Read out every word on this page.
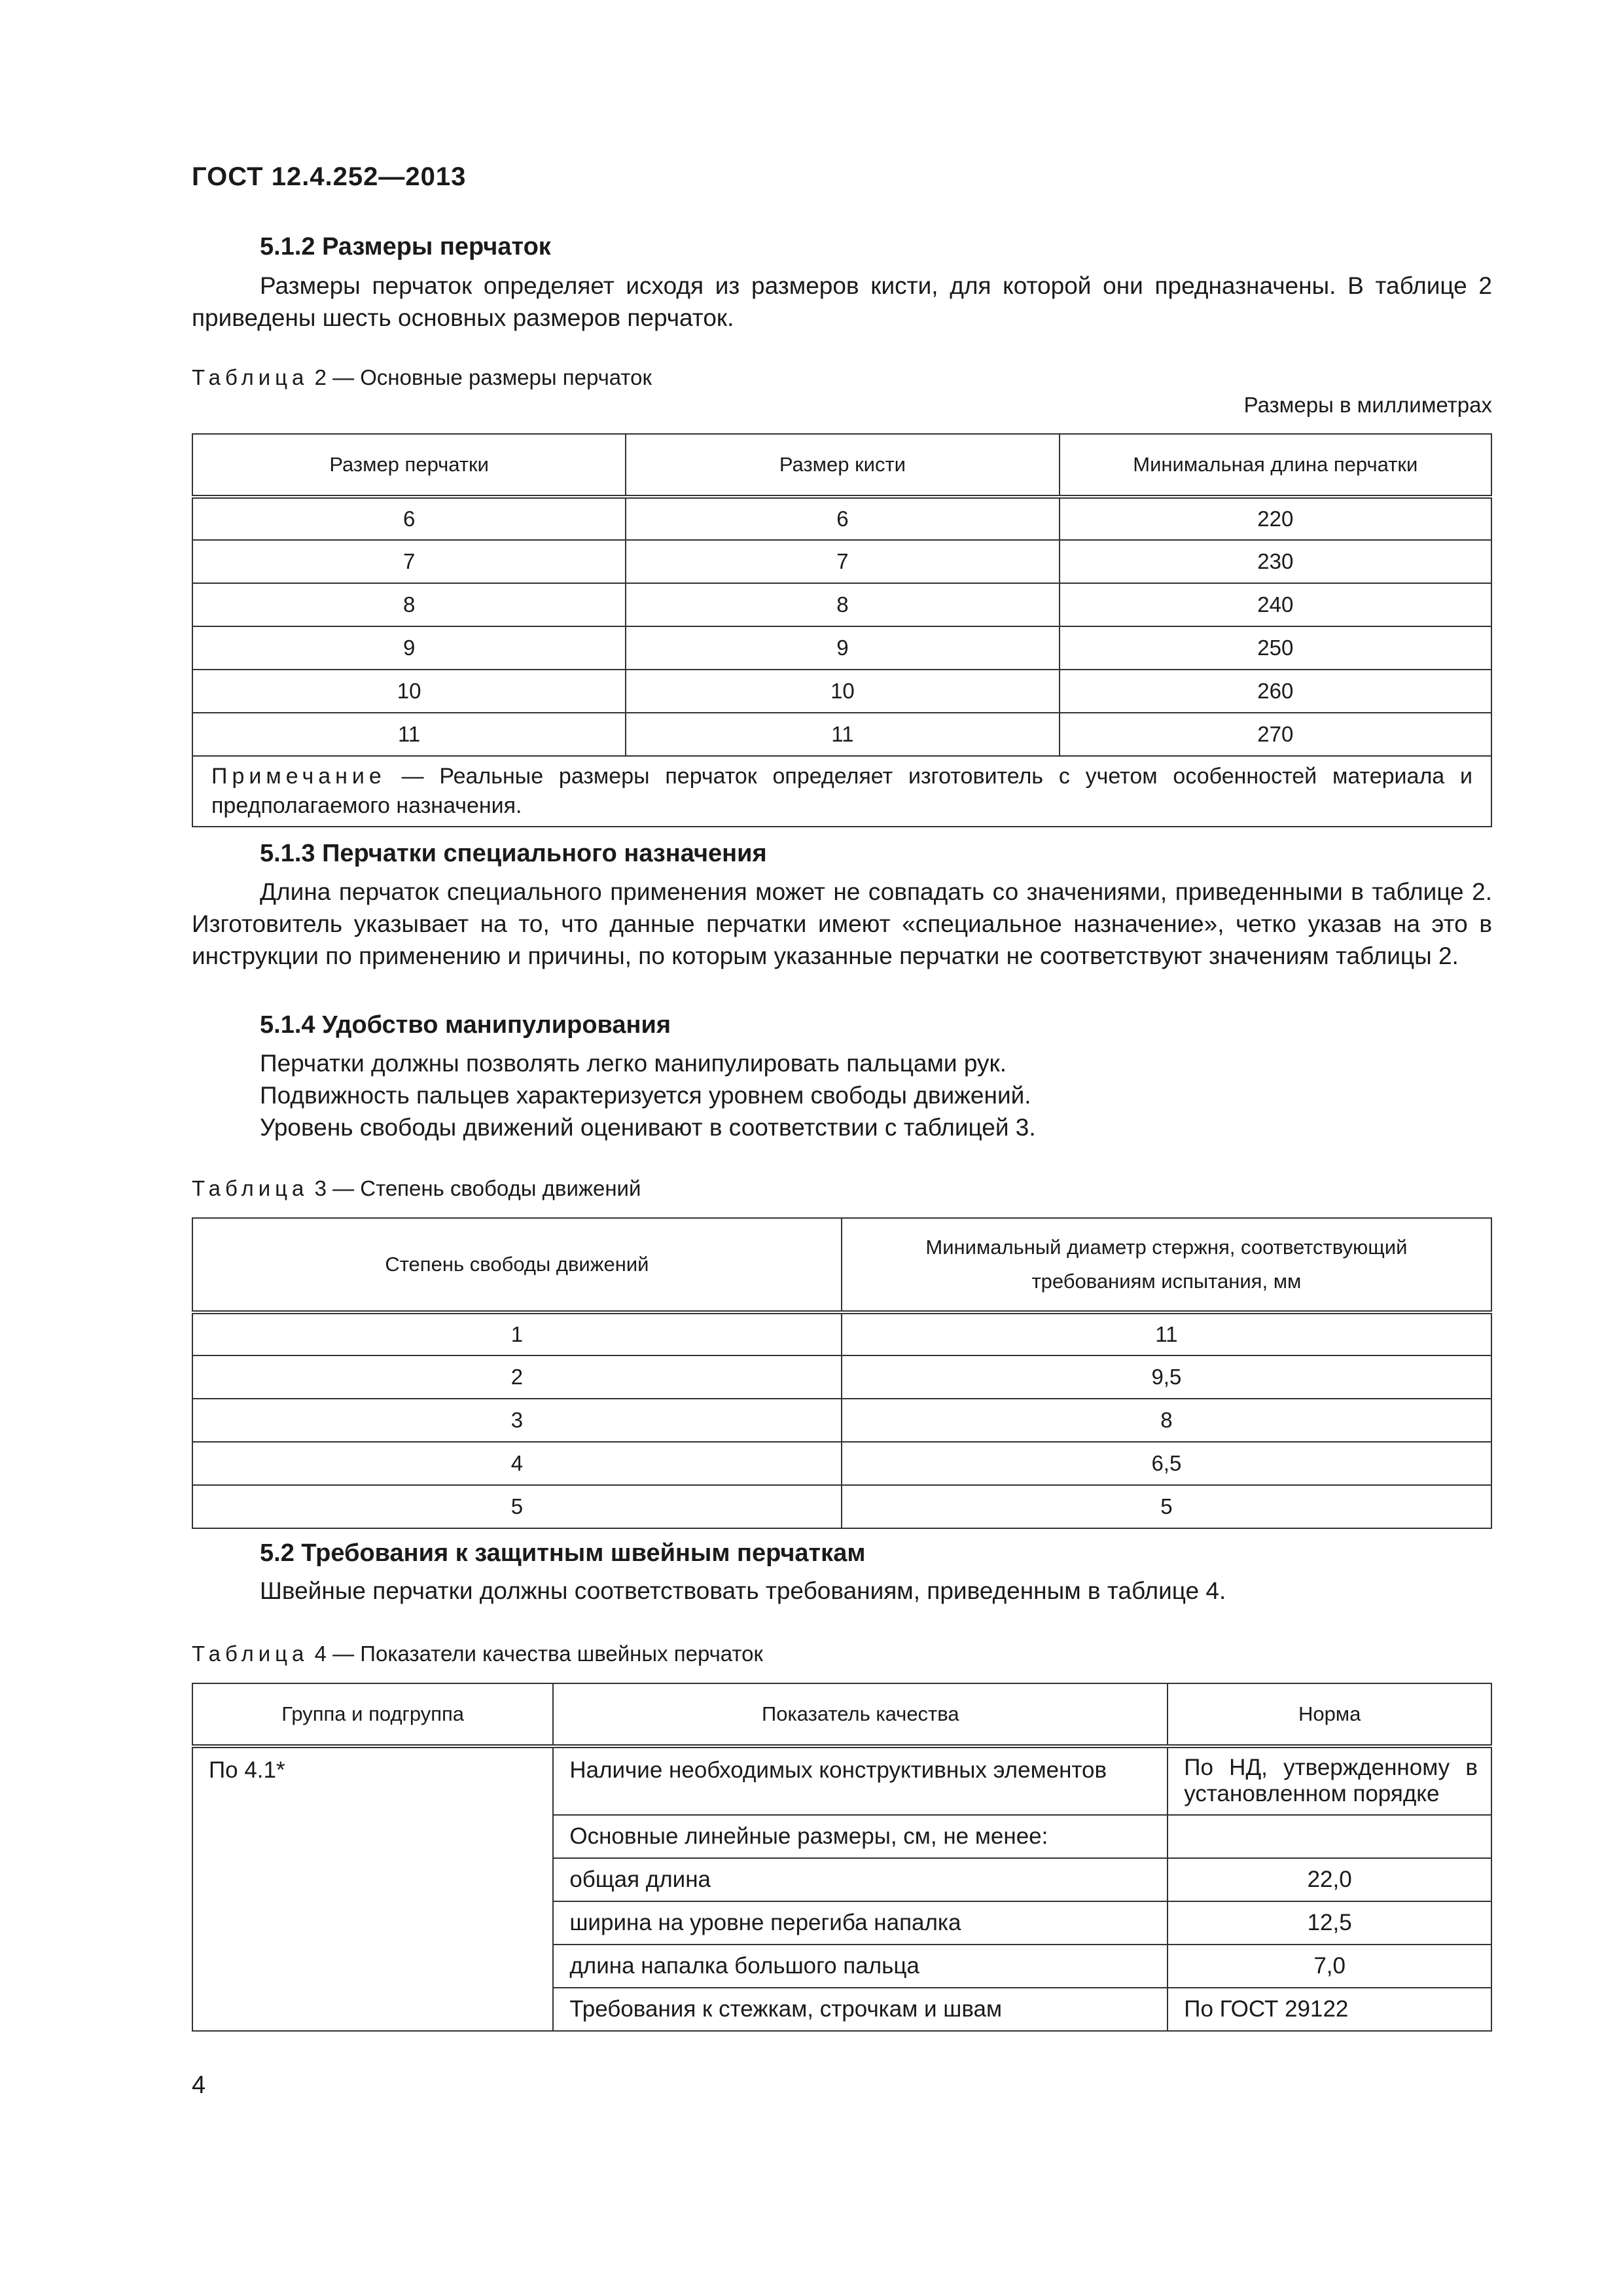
ГОСТ 12.4.252—2013
5.1.2 Размеры перчаток
Размеры перчаток определяет исходя из размеров кисти, для которой они предназначены. В таблице 2 приведены шесть основных размеров перчаток.
Таблица 2 — Основные размеры перчаток
Размеры в миллиметрах
Размер перчатки	Размер кисти	Минимальная длина перчатки
6	6	220
7	7	230
8	8	240
9	9	250
10	10	260
11	11	270
Примечание — Реальные размеры перчаток определяет изготовитель с учетом особенностей материала и предполагаемого назначения.		
5.1.3 Перчатки специального назначения
Длина перчаток специального применения может не совпадать со значениями, приведенными в таблице 2. Изготовитель указывает на то, что данные перчатки имеют «специальное назначение», четко указав на это в инструкции по применению и причины, по которым указанные перчатки не соответствуют значениям таблицы 2.
5.1.4 Удобство манипулирования
Перчатки должны позволять легко манипулировать пальцами рук.
Подвижность пальцев характеризуется уровнем свободы движений.
Уровень свободы движений оценивают в соответствии с таблицей 3.
Таблица 3 — Степень свободы движений
Степень свободы движений	Минимальный диаметр стержня, соответствующий требованиям испытания, мм
1	11
2	9,5
3	8
4	6,5
5	5
5.2 Требования к защитным швейным перчаткам
Швейные перчатки должны соответствовать требованиям, приведенным в таблице 4.
Таблица 4 — Показатели качества швейных перчаток
Группа и подгруппа	Показатель качества	Норма
По 4.1*	Наличие необходимых конструктивных элементов	По НД, утвержденному в установленном порядке
	Основные линейные размеры, см, не менее:	
	общая длина	22,0
	ширина на уровне перегиба напалка	12,5
	длина напалка большого пальца	7,0
	Требования к стежкам, строчкам и швам	По ГОСТ 29122
4
